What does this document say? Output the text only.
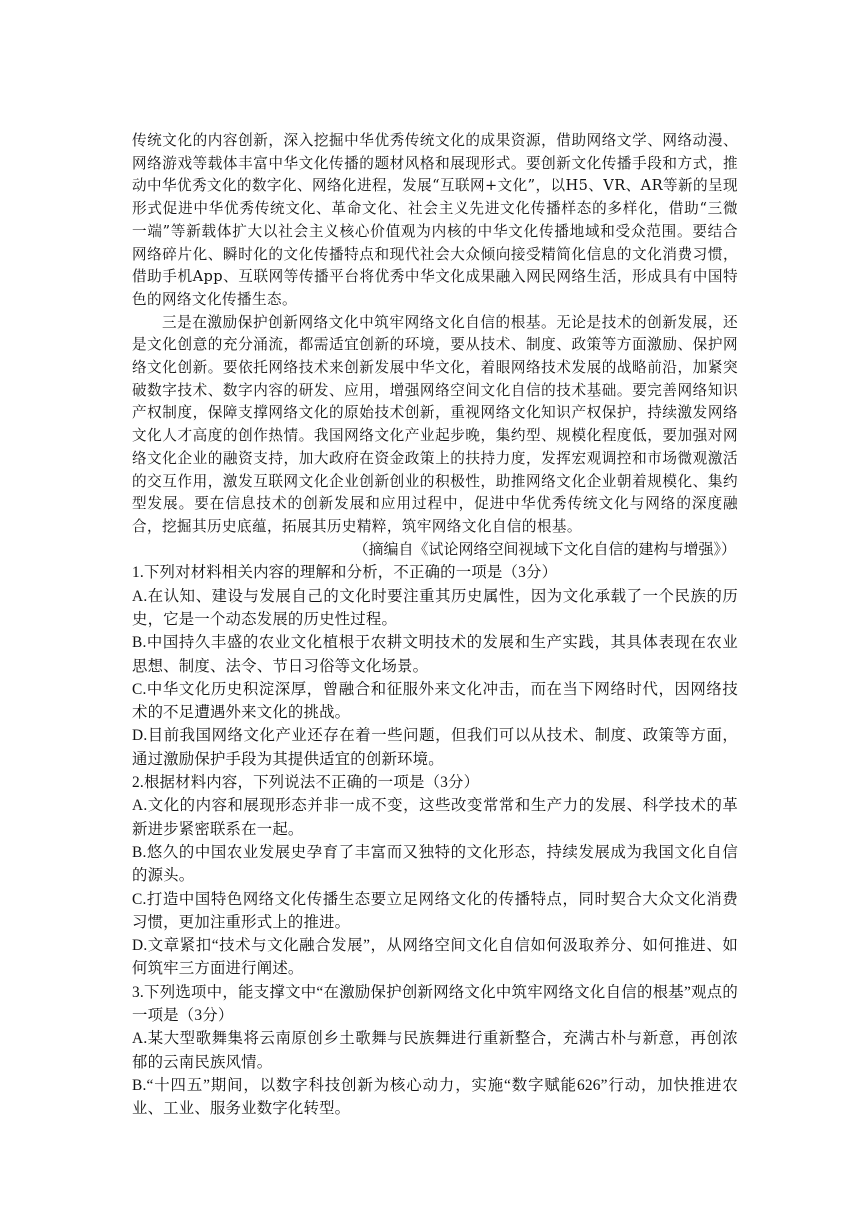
传统文化的内容创新，深入挖掘中华优秀传统文化的成果资源，借助网络文学、网络动漫、网络游戏等载体丰富中华文化传播的题材风格和展现形式。要创新文化传播手段和方式，推动中华优秀文化的数字化、网络化进程，发展“互联网+文化”，以H5、VR、AR等新的呈现形式促进中华优秀传统文化、革命文化、社会主义先进文化传播样态的多样化，借助“三微一端”等新载体扩大以社会主义核心价值观为内核的中华文化传播地域和受众范围。要结合网络碎片化、瞬时化的文化传播特点和现代社会大众倾向接受精简化信息的文化消费习惯，借助手机App、互联网等传播平台将优秀中华文化成果融入网民网络生活，形成具有中国特色的网络文化传播生态。

三是在激励保护创新网络文化中筑牢网络文化自信的根基。无论是技术的创新发展，还是文化创意的充分涌流，都需适宜创新的环境，要从技术、制度、政策等方面激励、保护网络文化创新。要依托网络技术来创新发展中华文化，着眼网络技术发展的战略前沿，加紧突破数字技术、数字内容的研发、应用，增强网络空间文化自信的技术基础。要完善网络知识产权制度，保障支撑网络文化的原始技术创新，重视网络文化知识产权保护，持续激发网络文化人才高度的创作热情。我国网络文化产业起步晚，集约型、规模化程度低，要加强对网络文化企业的融资支持，加大政府在资金政策上的扶持力度，发挥宏观调控和市场微观激活的交互作用，激发互联网文化企业创新创业的积极性，助推网络文化企业朝着规模化、集约型发展。要在信息技术的创新发展和应用过程中，促进中华优秀传统文化与网络的深度融合，挖掘其历史底蕴，拓展其历史精粹，筑牢网络文化自信的根基。

（摘编自《试论网络空间视域下文化自信的建构与增强》）

1.下列对材料相关内容的理解和分析，不正确的一项是（3分）

A.在认知、建设与发展自己的文化时要注重其历史属性，因为文化承载了一个民族的历史，它是一个动态发展的历史性过程。

B.中国持久丰盛的农业文化植根于农耕文明技术的发展和生产实践，其具体表现在农业思想、制度、法令、节日习俗等文化场景。

C.中华文化历史积淀深厚，曾融合和征服外来文化冲击，而在当下网络时代，因网络技术的不足遭遇外来文化的挑战。

D.目前我国网络文化产业还存在着一些问题，但我们可以从技术、制度、政策等方面，通过激励保护手段为其提供适宜的创新环境。

2.根据材料内容，下列说法不正确的一项是（3分）

A.文化的内容和展现形态并非一成不变，这些改变常常和生产力的发展、科学技术的革新进步紧密联系在一起。

B.悠久的中国农业发展史孕育了丰富而又独特的文化形态，持续发展成为我国文化自信的源头。

C.打造中国特色网络文化传播生态要立足网络文化的传播特点，同时契合大众文化消费习惯，更加注重形式上的推进。

D.文章紧扣“技术与文化融合发展”，从网络空间文化自信如何汲取养分、如何推进、如何筑牢三方面进行阐述。

3.下列选项中，能支撑文中“在激励保护创新网络文化中筑牢网络文化自信的根基”观点的一项是（3分）

A.某大型歌舞集将云南原创乡土歌舞与民族舞进行重新整合，充满古朴与新意，再创浓郁的云南民族风情。

B.“十四五”期间，以数字科技创新为核心动力，实施“数字赋能626”行动，加快推进农业、工业、服务业数字化转型。
